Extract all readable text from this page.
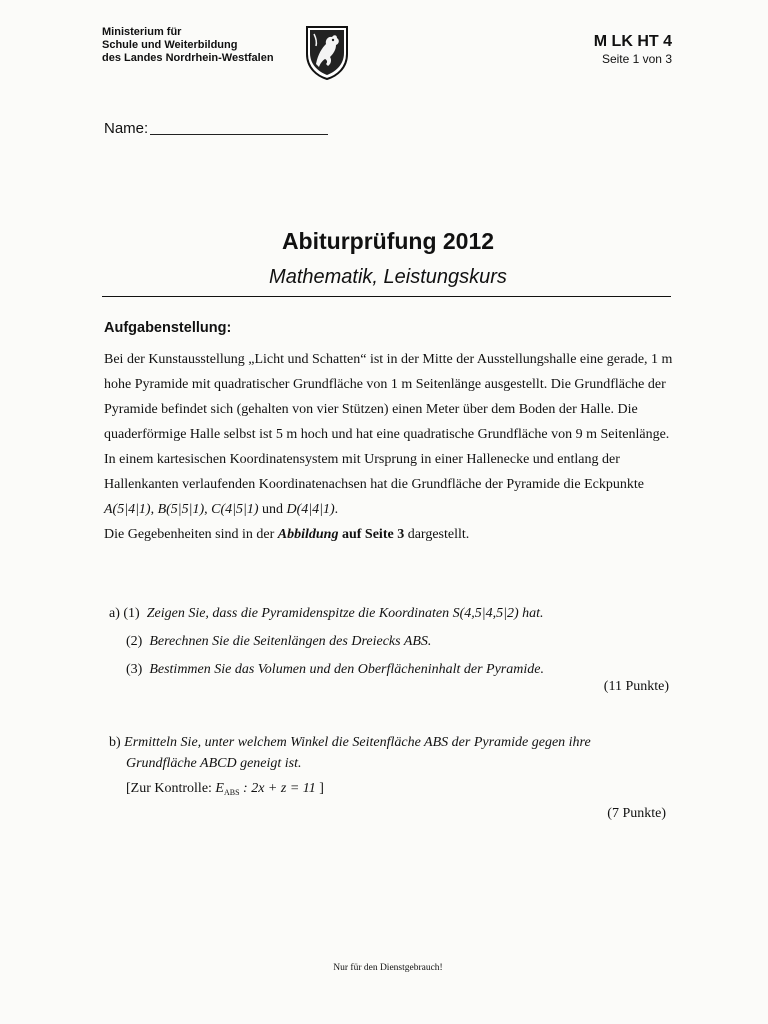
Ministerium für
Schule und Weiterbildung
des Landes Nordrhein-Westfalen
M LK HT 4
Seite 1 von 3
Name:
Abiturprüfung 2012
Mathematik, Leistungskurs
Aufgabenstellung:

Bei der Kunstausstellung „Licht und Schatten“ ist in der Mitte der Ausstellungshalle eine gerade, 1 m hohe Pyramide mit quadratischer Grundfläche von 1 m Seitenlänge ausgestellt. Die Grundfläche der Pyramide befindet sich (gehalten von vier Stützen) einen Meter über dem Boden der Halle. Die quaderförmige Halle selbst ist 5 m hoch und hat eine quadratische Grundfläche von 9 m Seitenlänge.

In einem kartesischen Koordinatensystem mit Ursprung in einer Hallenecke und entlang der Hallenkanten verlaufenden Koordinatenachsen hat die Grundfläche der Pyramide die Eckpunkte A(5|4|1), B(5|5|1), C(4|5|1) und D(4|4|1).

Die Gegebenheiten sind in der Abbildung auf Seite 3 dargestellt.

a) (1) Zeigen Sie, dass die Pyramidenspitze die Koordinaten S(4,5|4,5|2) hat.
(2) Berechnen Sie die Seitenlängen des Dreiecks ABS.
(3) Bestimmen Sie das Volumen und den Oberflächeninhalt der Pyramide.
(11 Punkte)
b) Ermitteln Sie, unter welchem Winkel die Seitenfläche ABS der Pyramide gegen ihre
Grundfläche ABCD geneigt ist.
[Zur Kontrolle: $E_{ABS}$ : 2x + z = 11 ]
(7 Punkte)
Nur für den Dienstgebrauch!
